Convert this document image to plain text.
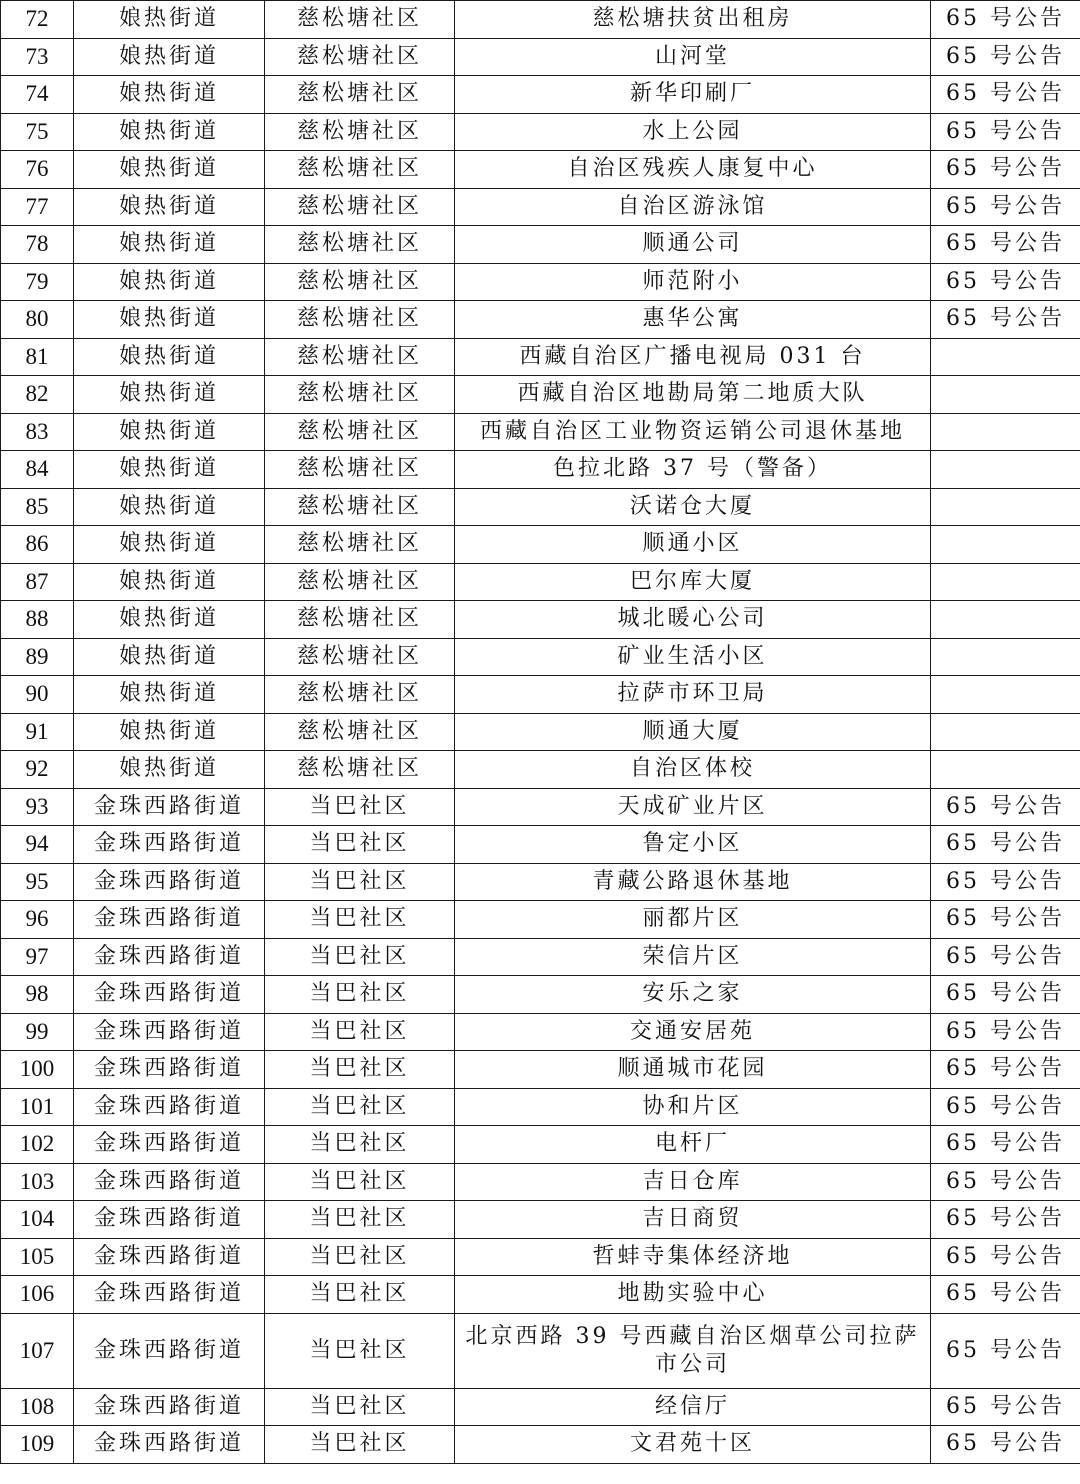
72	娘热街道	慈松塘社区	慈松塘扶贫出租房	65 号公告
73	娘热街道	慈松塘社区	山河堂	65 号公告
74	娘热街道	慈松塘社区	新华印刷厂	65 号公告
75	娘热街道	慈松塘社区	水上公园	65 号公告
76	娘热街道	慈松塘社区	自治区残疾人康复中心	65 号公告
77	娘热街道	慈松塘社区	自治区游泳馆	65 号公告
78	娘热街道	慈松塘社区	顺通公司	65 号公告
79	娘热街道	慈松塘社区	师范附小	65 号公告
80	娘热街道	慈松塘社区	惠华公寓	65 号公告
81	娘热街道	慈松塘社区	西藏自治区广播电视局 031 台	
82	娘热街道	慈松塘社区	西藏自治区地勘局第二地质大队	
83	娘热街道	慈松塘社区	西藏自治区工业物资运销公司退休基地	
84	娘热街道	慈松塘社区	色拉北路 37 号（警备）	
85	娘热街道	慈松塘社区	沃诺仓大厦	
86	娘热街道	慈松塘社区	顺通小区	
87	娘热街道	慈松塘社区	巴尔库大厦	
88	娘热街道	慈松塘社区	城北暖心公司	
89	娘热街道	慈松塘社区	矿业生活小区	
90	娘热街道	慈松塘社区	拉萨市环卫局	
91	娘热街道	慈松塘社区	顺通大厦	
92	娘热街道	慈松塘社区	自治区体校	
93	金珠西路街道	当巴社区	天成矿业片区	65 号公告
94	金珠西路街道	当巴社区	鲁定小区	65 号公告
95	金珠西路街道	当巴社区	青藏公路退休基地	65 号公告
96	金珠西路街道	当巴社区	丽都片区	65 号公告
97	金珠西路街道	当巴社区	荣信片区	65 号公告
98	金珠西路街道	当巴社区	安乐之家	65 号公告
99	金珠西路街道	当巴社区	交通安居苑	65 号公告
100	金珠西路街道	当巴社区	顺通城市花园	65 号公告
101	金珠西路街道	当巴社区	协和片区	65 号公告
102	金珠西路街道	当巴社区	电杆厂	65 号公告
103	金珠西路街道	当巴社区	吉日仓库	65 号公告
104	金珠西路街道	当巴社区	吉日商贸	65 号公告
105	金珠西路街道	当巴社区	哲蚌寺集体经济地	65 号公告
106	金珠西路街道	当巴社区	地勘实验中心	65 号公告
107	金珠西路街道	当巴社区	北京西路 39 号西藏自治区烟草公司拉萨市公司	65 号公告
108	金珠西路街道	当巴社区	经信厅	65 号公告
109	金珠西路街道	当巴社区	文君苑十区	65 号公告
